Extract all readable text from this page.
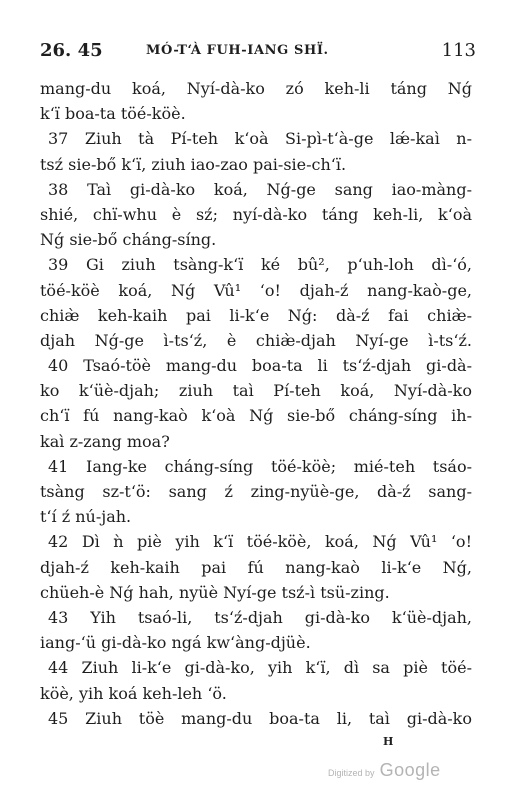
26. 45	MÓ-T‘À FUH-IANG SHÏ.	113
mang-du koá, Nyí-dà-ko zó keh-li táng Nǵ
k‘ï boa-ta töé-köè.
37 Ziuh tà Pí-teh k‘oà Si-pì-t‘à-ge lǽ-kaì n-
tsź sie-bő k‘ï, ziuh iao-zao pai-sie-ch‘ï.
38 Taì gi-dà-ko koá, Nǵ-ge sang iao-màng-
shié, chï-whu è sź; nyí-dà-ko táng keh-li, k‘oà
Nǵ sie-bő cháng-síng.
39 Gi ziuh tsàng-k‘ï ké bû², p‘uh-loh dì-‘ó,
töé-köè koá, Nǵ Vû¹ ‘o! djah-ź nang-kaò-ge,
chiæ̀ keh-kaih pai li-k‘e Nǵ: dà-ź fai chiæ̀-
djah Nǵ-ge ì-ts‘ź, è chiæ̀-djah Nyí-ge ì-ts‘ź.
40 Tsaó-töè mang-du boa-ta li ts‘ź-djah gi-dà-
ko k‘üè-djah; ziuh taì Pí-teh koá, Nyí-dà-ko
ch‘ï fú nang-kaò k‘oà Nǵ sie-bő cháng-síng ih-
kaì z-zang moa?
41 Iang-ke cháng-síng töé-köè; mié-teh tsáo-
tsàng sz-t‘ö: sang ź zing-nyüè-ge, dà-ź sang-
t‘í ź nú-jah.
42 Dì ǹ piè yih k‘ï töé-köè, koá, Nǵ Vû¹ ‘o!
djah-ź keh-kaih pai fú nang-kaò li-k‘e Nǵ,
chüeh-è Nǵ hah, nyüè Nyí-ge tsź-ì tsü-zing.
43 Yih tsaó-li, ts‘ź-djah gi-dà-ko k‘üè-djah,
iang-‘ü gi-dà-ko ngá kw‘àng-djüè.
44 Ziuh li-k‘e gi-dà-ko, yih k‘ï, dì sa piè töé-
köè, yih koá keh-leh ‘ö.
45 Ziuh töè mang-du boa-ta li, taì gi-dà-ko
H
Digitized by Google
